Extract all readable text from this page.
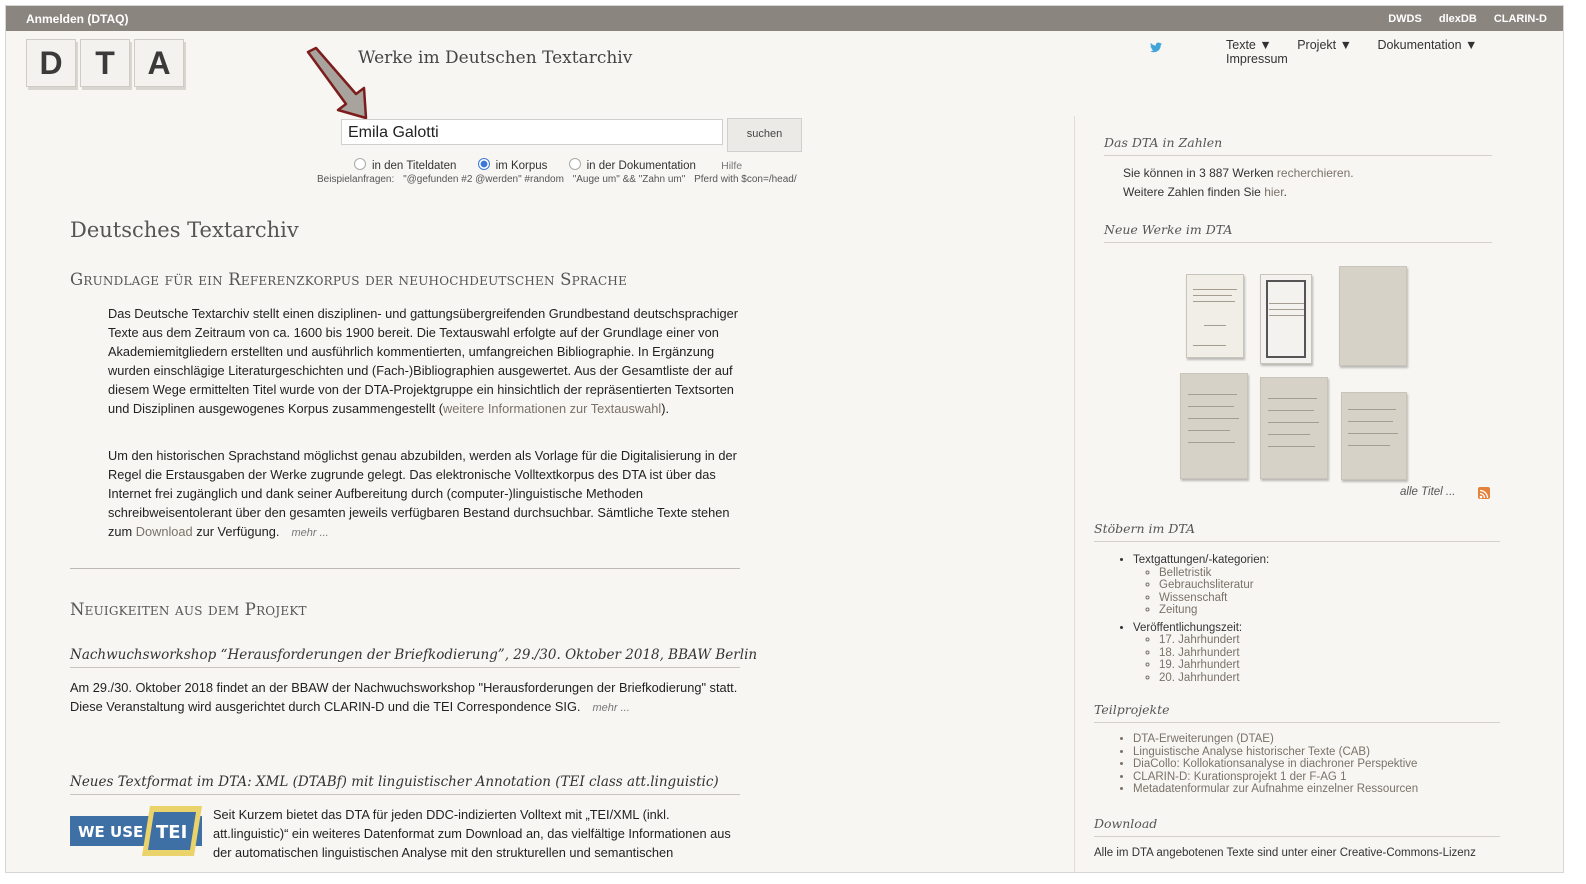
Anmelden (DTAQ)	DWDS dlexDB CLARIN-D
D	T	A	Werke im Deutschen Textarchiv
Texte ▼ Projekt ▼ Dokumentation ▼ Impressum
Emila Galotti	suchen
in den Titeldaten	im Korpus	in der Dokumentation Hilfe
Beispielanfragen: "@gefunden #2 @werden" #random "Auge um" && "Zahn um" Pferd with $con=/head/
Deutsches Textarchiv
Grundlage für ein Referenzkorpus der neuhochdeutschen Sprache
Das Deutsche Textarchiv stellt einen disziplinen- und gattungsübergreifenden Grundbestand deutschsprachiger Texte aus dem Zeitraum von ca. 1600 bis 1900 bereit. Die Textauswahl erfolgte auf der Grundlage einer von Akademiemitgliedern erstellten und ausführlich kommentierten, umfangreichen Bibliographie. In Ergänzung wurden einschlägige Literaturgeschichten und (Fach-)Bibliographien ausgewertet. Aus der Gesamtliste der auf diesem Wege ermittelten Titel wurde von der DTA-Projektgruppe ein hinsichtlich der repräsentierten Textsorten und Disziplinen ausgewogenes Korpus zusammengestellt (weitere Informationen zur Textauswahl).
Um den historischen Sprachstand möglichst genau abzubilden, werden als Vorlage für die Digitalisierung in der Regel die Erstausgaben der Werke zugrunde gelegt. Das elektronische Volltextkorpus des DTA ist über das Internet frei zugänglich und dank seiner Aufbereitung durch (computer-)linguistische Methoden schreibweisentolerant über den gesamten jeweils verfügbaren Bestand durchsuchbar. Sämtliche Texte stehen zum Download zur Verfügung. mehr ...
Neuigkeiten aus dem Projekt
Nachwuchsworkshop “Herausforderungen der Briefkodierung”, 29./30. Oktober 2018, BBAW Berlin
Am 29./30. Oktober 2018 findet an der BBAW der Nachwuchsworkshop "Herausforderungen der Briefkodierung" statt. Diese Veranstaltung wird ausgerichtet durch CLARIN-D und die TEI Correspondence SIG. mehr ...
Neues Textformat im DTA: XML (DTABf) mit linguistischer Annotation (TEI class att.linguistic)
WE USE TEI
Seit Kurzem bietet das DTA für jeden DDC-indizierten Volltext mit „TEI/XML (inkl. att.linguistic)“ ein weiteres Datenformat zum Download an, das vielfältige Informationen aus der automatischen linguistischen Analyse mit den strukturellen und semantischen
Das DTA in Zahlen
Sie können in 3 887 Werken recherchieren.
Weitere Zahlen finden Sie hier.
Neue Werke im DTA
alle Titel ...
Stöbern im DTA
• Textgattungen/-kategorien:
◦ Belletristik
◦ Gebrauchsliteratur
◦ Wissenschaft
◦ Zeitung
• Veröffentlichungszeit:
◦ 17. Jahrhundert
◦ 18. Jahrhundert
◦ 19. Jahrhundert
◦ 20. Jahrhundert
Teilprojekte
• DTA-Erweiterungen (DTAE)
• Linguistische Analyse historischer Texte (CAB)
• DiaCollo: Kollokationsanalyse in diachroner Perspektive
• CLARIN-D: Kurationsprojekt 1 der F-AG 1
• Metadatenformular zur Aufnahme einzelner Ressourcen
Download
Alle im DTA angebotenen Texte sind unter einer Creative-Commons-Lizenz
